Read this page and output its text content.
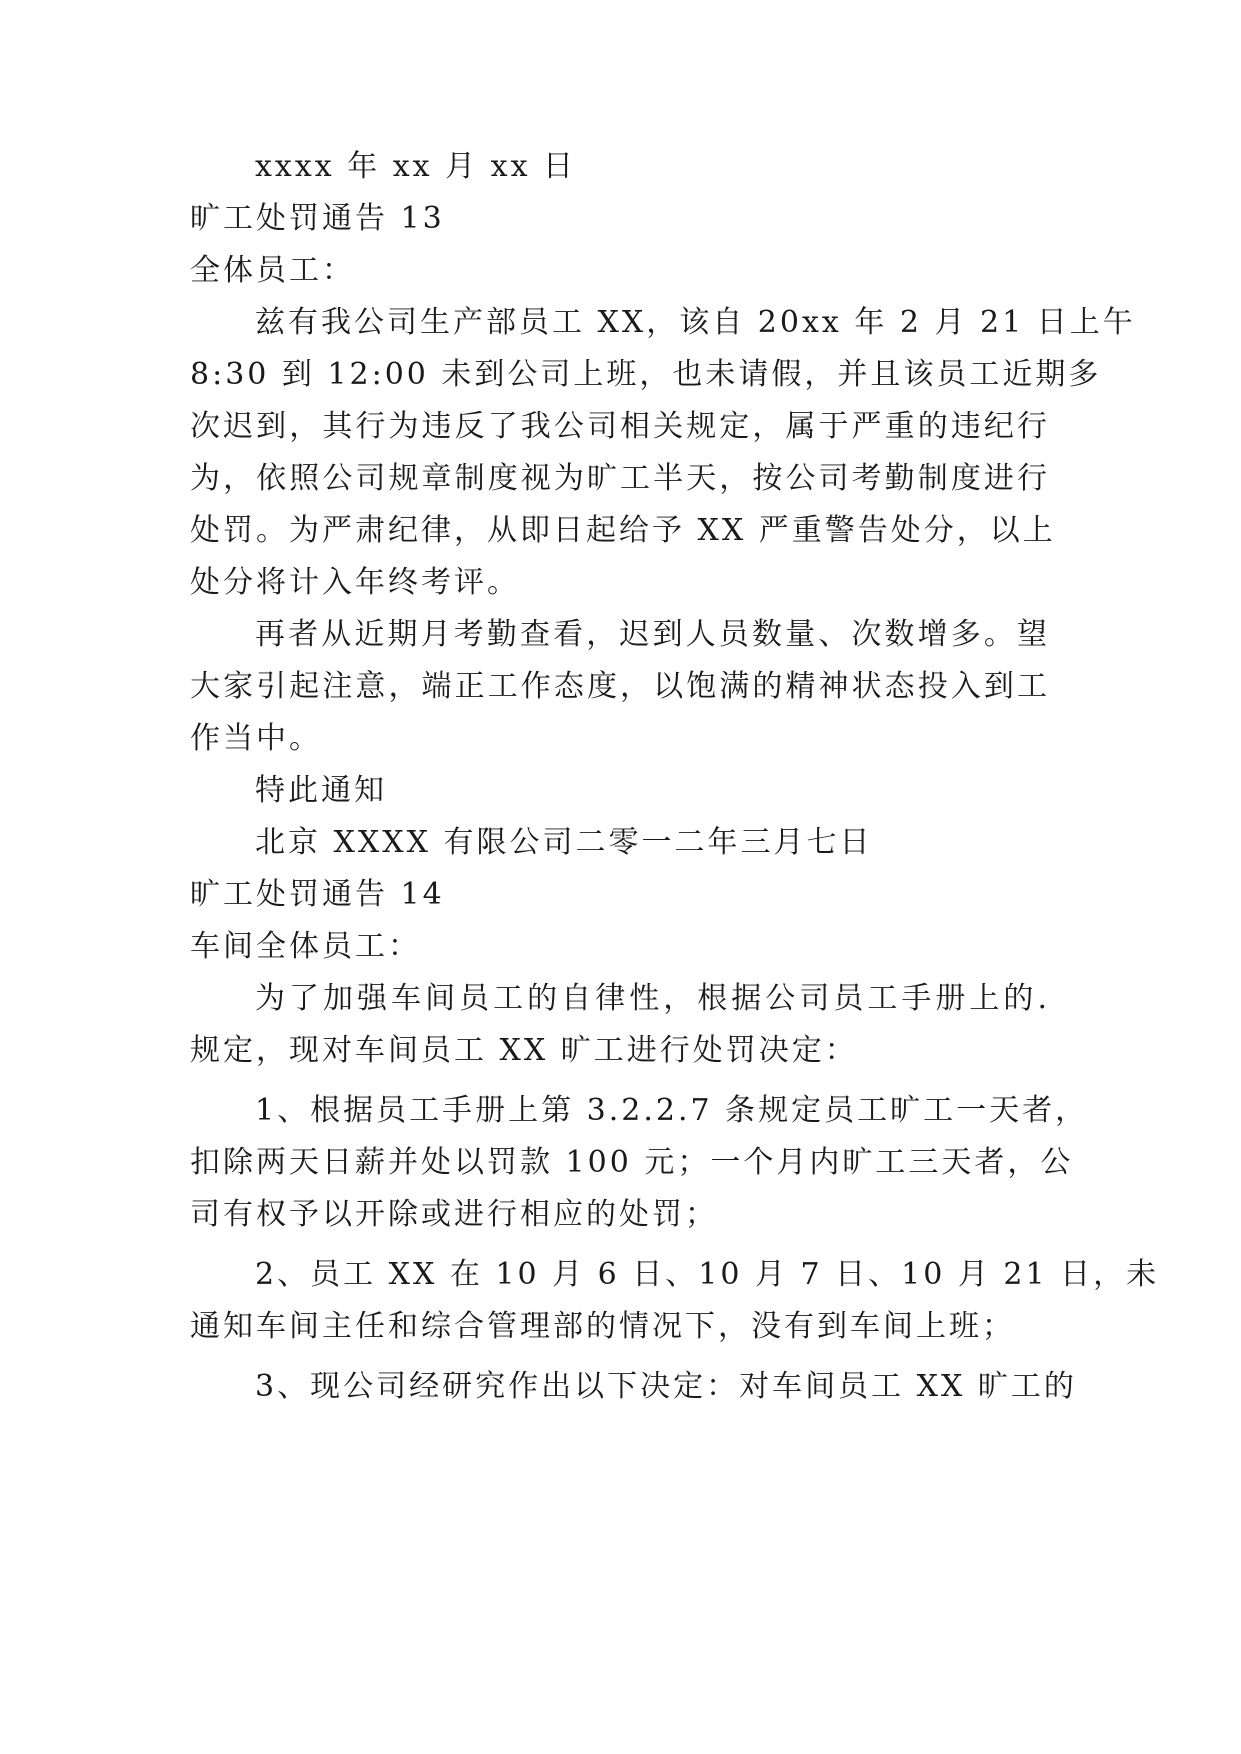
xxxx 年 xx 月 xx 日
旷工处罚通告 13
全体员工：
兹有我公司生产部员工 XX，该自 20xx 年 2 月 21 日上午
8:30 到 12:00 未到公司上班，也未请假，并且该员工近期多
次迟到，其行为违反了我公司相关规定，属于严重的违纪行
为，依照公司规章制度视为旷工半天，按公司考勤制度进行
处罚。为严肃纪律，从即日起给予 XX 严重警告处分，以上
处分将计入年终考评。
再者从近期月考勤查看，迟到人员数量、次数增多。望
大家引起注意，端正工作态度，以饱满的精神状态投入到工
作当中。
特此通知
北京 XXXX 有限公司二零一二年三月七日
旷工处罚通告 14
车间全体员工：
为了加强车间员工的自律性，根据公司员工手册上的.
规定，现对车间员工 XX 旷工进行处罚决定：
1、根据员工手册上第 3.2.2.7 条规定员工旷工一天者，
扣除两天日薪并处以罚款 100 元；一个月内旷工三天者，公
司有权予以开除或进行相应的处罚；
2、员工 XX 在 10 月 6 日、10 月 7 日、10 月 21 日，未
通知车间主任和综合管理部的情况下，没有到车间上班；
3、现公司经研究作出以下决定：对车间员工 XX 旷工的
